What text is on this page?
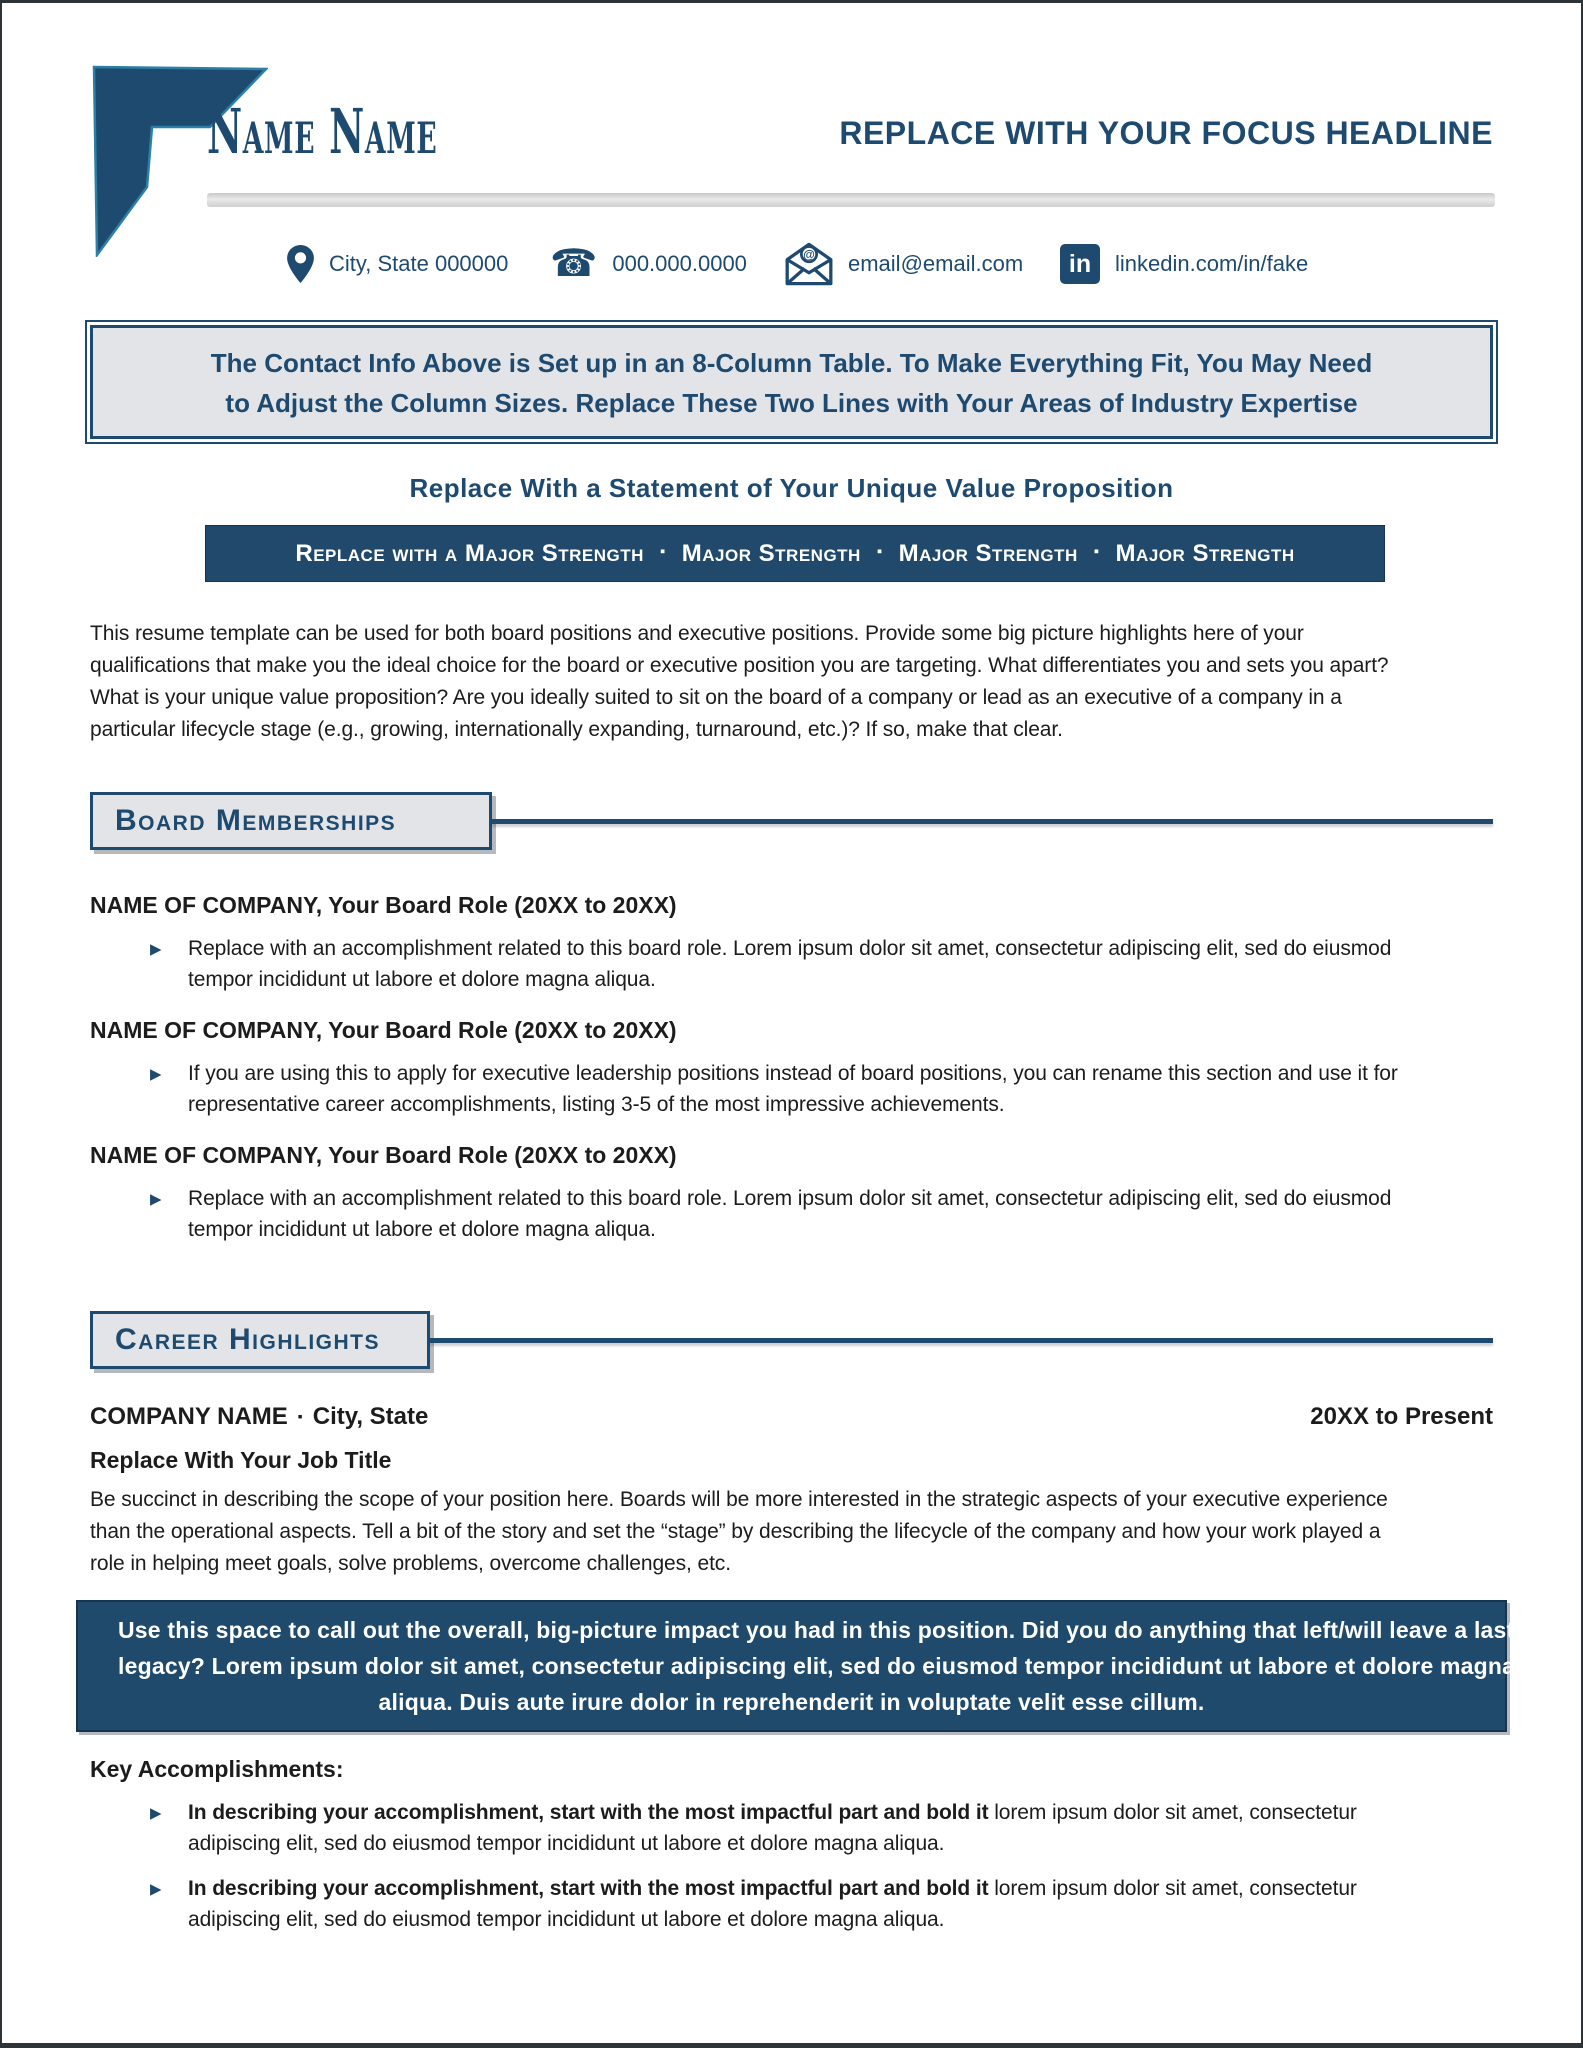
Name Name	REPLACE WITH YOUR FOCUS HEADLINE
City, State 000000 ☎ 000.000.0000	@ email@email.com	in	linkedin.com/in/fake
The Contact Info Above is Set up in an 8-Column Table. To Make Everything Fit, You May Need
to Adjust the Column Sizes. Replace These Two Lines with Your Areas of Industry Expertise
Replace With a Statement of Your Unique Value Proposition
Replace with a Major Strength ▪ Major Strength ▪ Major Strength ▪ Major Strength
This resume template can be used for both board positions and executive positions. Provide some big picture highlights here of your
qualifications that make you the ideal choice for the board or executive position you are targeting. What differentiates you and sets you apart?
What is your unique value proposition? Are you ideally suited to sit on the board of a company or lead as an executive of a company in a
particular lifecycle stage (e.g., growing, internationally expanding, turnaround, etc.)? If so, make that clear.
Board Memberships
NAME OF COMPANY, Your Board Role (20XX to 20XX)
▸	Replace with an accomplishment related to this board role. Lorem ipsum dolor sit amet, consectetur adipiscing elit, sed do eiusmod
tempor incididunt ut labore et dolore magna aliqua.
NAME OF COMPANY, Your Board Role (20XX to 20XX)
▸	If you are using this to apply for executive leadership positions instead of board positions, you can rename this section and use it for
representative career accomplishments, listing 3-5 of the most impressive achievements.
NAME OF COMPANY, Your Board Role (20XX to 20XX)
▸	Replace with an accomplishment related to this board role. Lorem ipsum dolor sit amet, consectetur adipiscing elit, sed do eiusmod
tempor incididunt ut labore et dolore magna aliqua.
Career Highlights
COMPANY NAME ▪ City, State	20XX to Present
Replace With Your Job Title
Be succinct in describing the scope of your position here. Boards will be more interested in the strategic aspects of your executive experience
than the operational aspects. Tell a bit of the story and set the “stage” by describing the lifecycle of the company and how your work played a
role in helping meet goals, solve problems, overcome challenges, etc.
Use this space to call out the overall, big-picture impact you had in this position. Did you do anything that left/will leave a lasting
legacy? Lorem ipsum dolor sit amet, consectetur adipiscing elit, sed do eiusmod tempor incididunt ut labore et dolore magna
aliqua. Duis aute irure dolor in reprehenderit in voluptate velit esse cillum.
Key Accomplishments:
▸	In describing your accomplishment, start with the most impactful part and bold it lorem ipsum dolor sit amet, consectetur
adipiscing elit, sed do eiusmod tempor incididunt ut labore et dolore magna aliqua.
▸	In describing your accomplishment, start with the most impactful part and bold it lorem ipsum dolor sit amet, consectetur
adipiscing elit, sed do eiusmod tempor incididunt ut labore et dolore magna aliqua.
